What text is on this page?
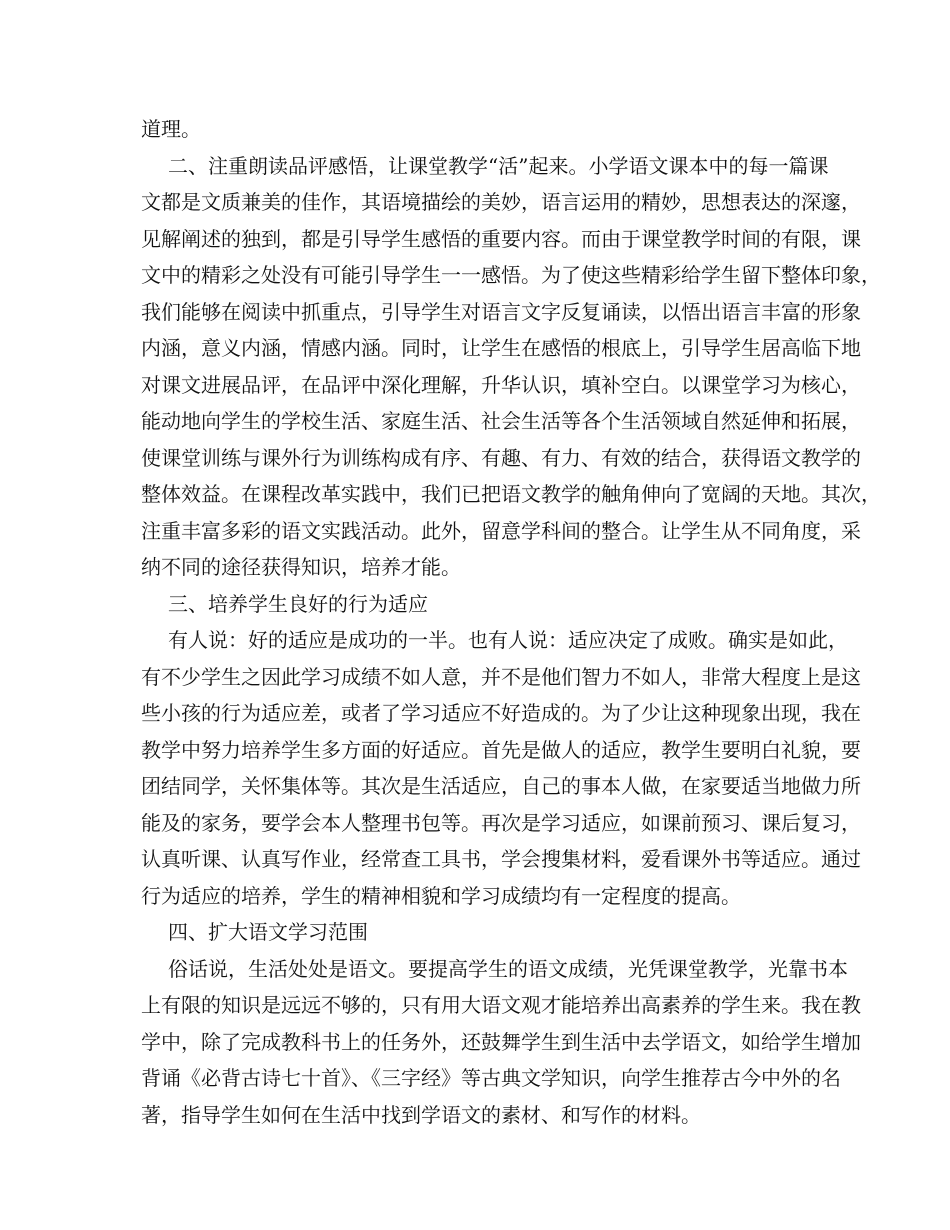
道理。
二、注重朗读品评感悟，让课堂教学“活”起来。小学语文课本中的每一篇课
文都是文质兼美的佳作，其语境描绘的美妙，语言运用的精妙，思想表达的深邃，
见解阐述的独到，都是引导学生感悟的重要内容。而由于课堂教学时间的有限，课
文中的精彩之处没有可能引导学生一一感悟。为了使这些精彩给学生留下整体印象，
我们能够在阅读中抓重点，引导学生对语言文字反复诵读，以悟出语言丰富的形象
内涵，意义内涵，情感内涵。同时，让学生在感悟的根底上，引导学生居高临下地
对课文进展品评，在品评中深化理解，升华认识，填补空白。以课堂学习为核心，
能动地向学生的学校生活、家庭生活、社会生活等各个生活领域自然延伸和拓展，
使课堂训练与课外行为训练构成有序、有趣、有力、有效的结合，获得语文教学的
整体效益。在课程改革实践中，我们已把语文教学的触角伸向了宽阔的天地。其次，
注重丰富多彩的语文实践活动。此外，留意学科间的整合。让学生从不同角度，采
纳不同的途径获得知识，培养才能。
三、培养学生良好的行为适应
有人说：好的适应是成功的一半。也有人说：适应决定了成败。确实是如此，
有不少学生之因此学习成绩不如人意，并不是他们智力不如人，非常大程度上是这
些小孩的行为适应差，或者了学习适应不好造成的。为了少让这种现象出现，我在
教学中努力培养学生多方面的好适应。首先是做人的适应，教学生要明白礼貌，要
团结同学，关怀集体等。其次是生活适应，自己的事本人做，在家要适当地做力所
能及的家务，要学会本人整理书包等。再次是学习适应，如课前预习、课后复习，
认真听课、认真写作业，经常查工具书，学会搜集材料，爱看课外书等适应。通过
行为适应的培养，学生的精神相貌和学习成绩均有一定程度的提高。
四、扩大语文学习范围
俗话说，生活处处是语文。要提高学生的语文成绩，光凭课堂教学，光靠书本
上有限的知识是远远不够的，只有用大语文观才能培养出高素养的学生来。我在教
学中，除了完成教科书上的任务外，还鼓舞学生到生活中去学语文，如给学生增加
背诵《必背古诗七十首》、《三字经》等古典文学知识，向学生推荐古今中外的名
著，指导学生如何在生活中找到学语文的素材、和写作的材料。
